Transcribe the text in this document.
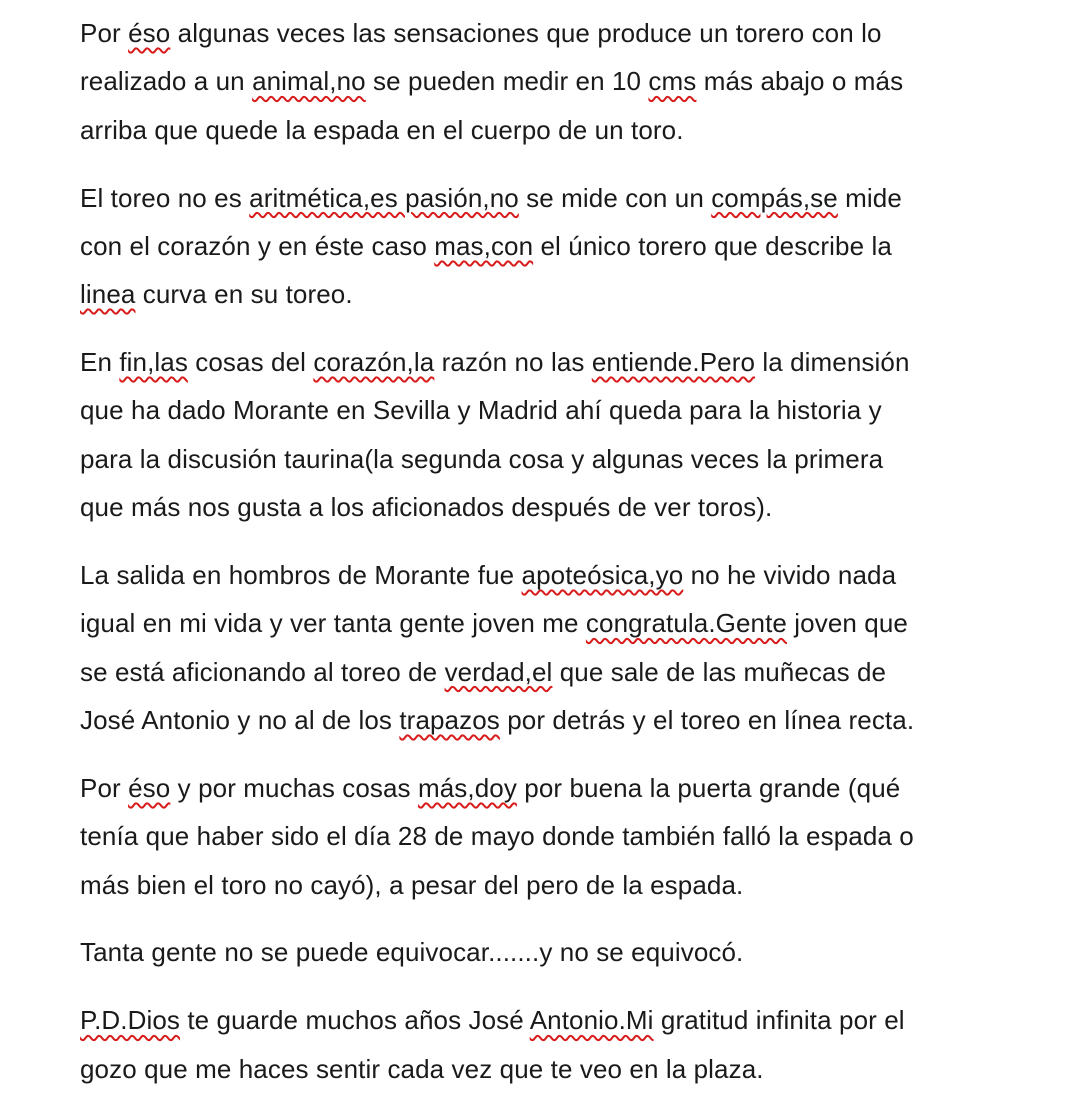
Por éso algunas veces las sensaciones que produce un torero con lo
realizado a un animal,no se pueden medir en 10 cms más abajo o más
arriba que quede la espada en el cuerpo de un toro.

El toreo no es aritmética,es pasión,no se mide con un compás,se mide
con el corazón y en éste caso mas,con el único torero que describe la
linea curva en su toreo.

En fin,las cosas del corazón,la razón no las entiende.Pero la dimensión
que ha dado Morante en Sevilla y Madrid ahí queda para la historia y
para la discusión taurina(la segunda cosa y algunas veces la primera
que más nos gusta a los aficionados después de ver toros).

La salida en hombros de Morante fue apoteósica,yo no he vivido nada
igual en mi vida y ver tanta gente joven me congratula.Gente joven que
se está aficionando al toreo de verdad,el que sale de las muñecas de
José Antonio y no al de los trapazos por detrás y el toreo en línea recta.

Por éso y por muchas cosas más,doy por buena la puerta grande (qué
tenía que haber sido el día 28 de mayo donde también falló la espada o
más bien el toro no cayó), a pesar del pero de la espada.

Tanta gente no se puede equivocar.......y no se equivocó.

P.D.Dios te guarde muchos años José Antonio.Mi gratitud infinita por el
gozo que me haces sentir cada vez que te veo en la plaza.
